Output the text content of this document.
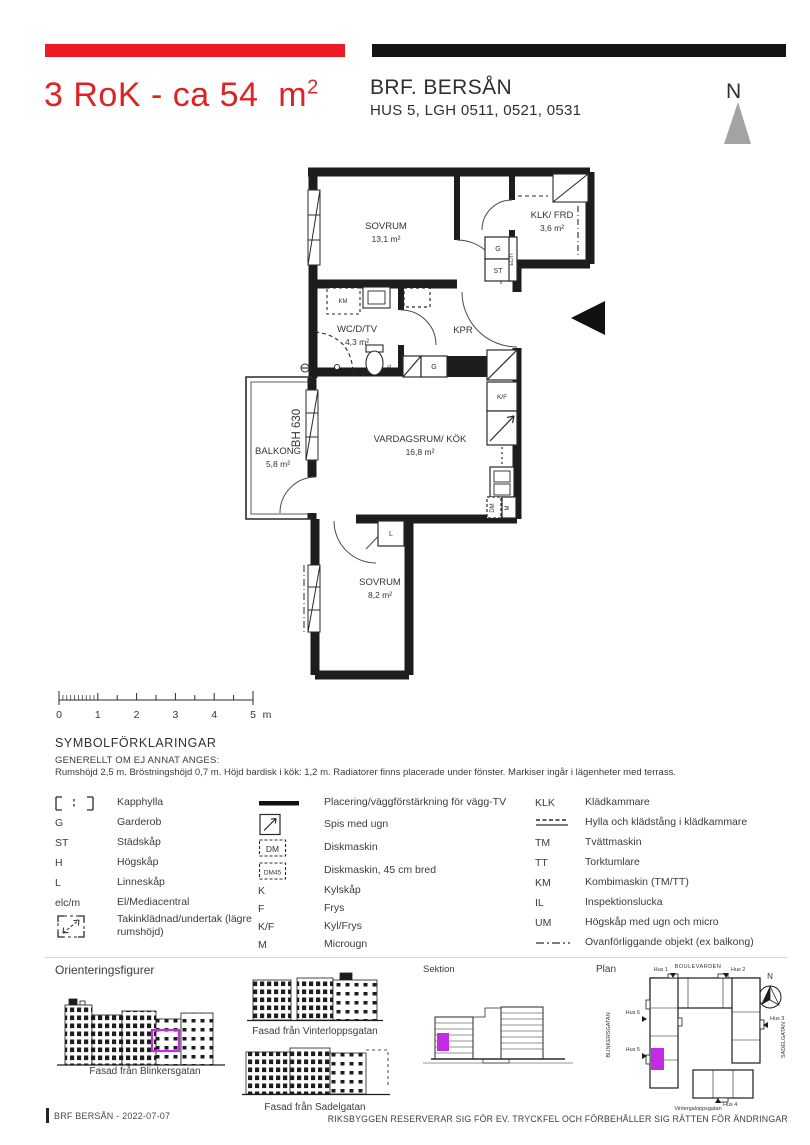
3 RoK - ca 54  $m^2$ BRF. BERSÅN
HUS 5, LGH 0511, 0521, 0531
N
SOVRUM
13,1 m²
KLK/ FRD
3,6 m²
WC/D/TV
4,3 m²
KPR
BALKONG
5,8 m²
VARDAGSRUM/ KÖK
16,8 m²
SOVRUM
8,2 m²
BH 630
G
ST
EL/IT
K/F
DM M
G
IL
KM
L
0	1	2	3	4	5 m
SYMBOLFÖRKLARINGAR
GENERELLT OM EJ ANNAT ANGES:
Rumshöjd 2,5 m. Bröstningshöjd 0,7 m. Höjd bardisk i kök: 1,2 m. Radiatorer finns placerade under fönster. Markiser ingår i lägenheter med terrass.
Kapphylla
G	Garderob
ST	Städskåp
H	Högskåp
L	Linneskåp
elc/m	El/Mediacentral
Takinklädnad/undertak (lägre rumshöjd)
Placering/väggförstärkning för vägg-TV
Spis med ugn
DM	Diskmaskin
DM45	Diskmaskin, 45 cm bred
K	Kylskåp
F	Frys
K/F	Kyl/Frys
M	Microugn
KLK	Klädkammare
Hylla och klädstång i klädkammare
TM	Tvättmaskin
TT	Torktumlare
KM	Kombimaskin (TM/TT)
IL	Inspektionslucka
UM	Högskåp med ugn och micro
Ovanförliggande objekt (ex balkong)
Orienteringsfigurer
Fasad från Blinkersgatan
Fasad från Vinterloppsgatan
Fasad från Sadelgatan
Sektion	Plan
N
BOULEVARDEN
BLINKERSGATAN	SADELGATAN
Vintergaloppsgatan
Hus 1	Hus 2
Hus 6
Hus 5
Hus 3
Hus 4
BRF BERSÅN - 2022-07-07	RIKSBYGGEN RESERVERAR SIG FÖR EV. TRYCKFEL OCH FÖRBEHÅLLER SIG RÄTTEN FÖR ÄNDRINGAR
